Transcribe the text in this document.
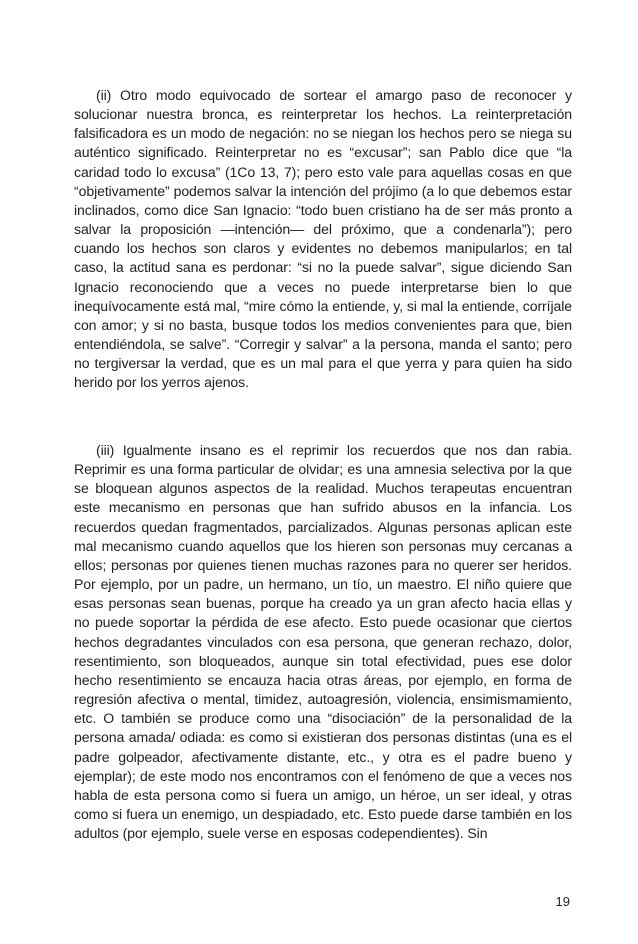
(ii) Otro modo equivocado de sortear el amargo paso de reconocer y solucionar nuestra bronca, es reinterpretar los hechos. La reinterpretación falsificadora es un modo de negación: no se niegan los hechos pero se niega su auténtico significado. Reinterpretar no es “excusar”; san Pablo dice que “la caridad todo lo excusa” (1Co 13, 7); pero esto vale para aquellas cosas en que “objetivamente” podemos salvar la intención del prójimo (a lo que debemos estar inclinados, como dice San Ignacio: “todo buen cristiano ha de ser más pronto a salvar la proposición —intención— del próximo, que a condenarla”); pero cuando los hechos son claros y evidentes no debemos manipularlos; en tal caso, la actitud sana es perdonar: “si no la puede salvar”, sigue diciendo San Ignacio reconociendo que a veces no puede interpretarse bien lo que inequívocamente está mal, “mire cómo la entiende, y, si mal la entiende, corríjale con amor; y si no basta, busque todos los medios convenientes para que, bien entendiéndola, se salve”. “Corregir y salvar” a la persona, manda el santo; pero no tergiversar la verdad, que es un mal para el que yerra y para quien ha sido herido por los yerros ajenos.

(iii) Igualmente insano es el reprimir los recuerdos que nos dan rabia. Reprimir es una forma particular de olvidar; es una amnesia selectiva por la que se bloquean algunos aspectos de la realidad. Muchos terapeutas encuentran este mecanismo en personas que han sufrido abusos en la infancia. Los recuerdos quedan fragmentados, parcializados. Algunas personas aplican este mal mecanismo cuando aquellos que los hieren son personas muy cercanas a ellos; personas por quienes tienen muchas razones para no querer ser heridos. Por ejemplo, por un padre, un hermano, un tío, un maestro. El niño quiere que esas personas sean buenas, porque ha creado ya un gran afecto hacia ellas y no puede soportar la pérdida de ese afecto. Esto puede ocasionar que ciertos hechos degradantes vinculados con esa persona, que generan rechazo, dolor, resentimiento, son bloqueados, aunque sin total efectividad, pues ese dolor hecho resentimiento se encauza hacia otras áreas, por ejemplo, en forma de regresión afectiva o mental, timidez, autoagresión, violencia, ensimismamiento, etc. O también se produce como una “disociación” de la personalidad de la persona amada/ odiada: es como si existieran dos personas distintas (una es el padre golpeador, afectivamente distante, etc., y otra es el padre bueno y ejemplar); de este modo nos encontramos con el fenómeno de que a veces nos habla de esta persona como si fuera un amigo, un héroe, un ser ideal, y otras como si fuera un enemigo, un despiadado, etc. Esto puede darse también en los adultos (por ejemplo, suele verse en esposas codependientes). Sin

19
